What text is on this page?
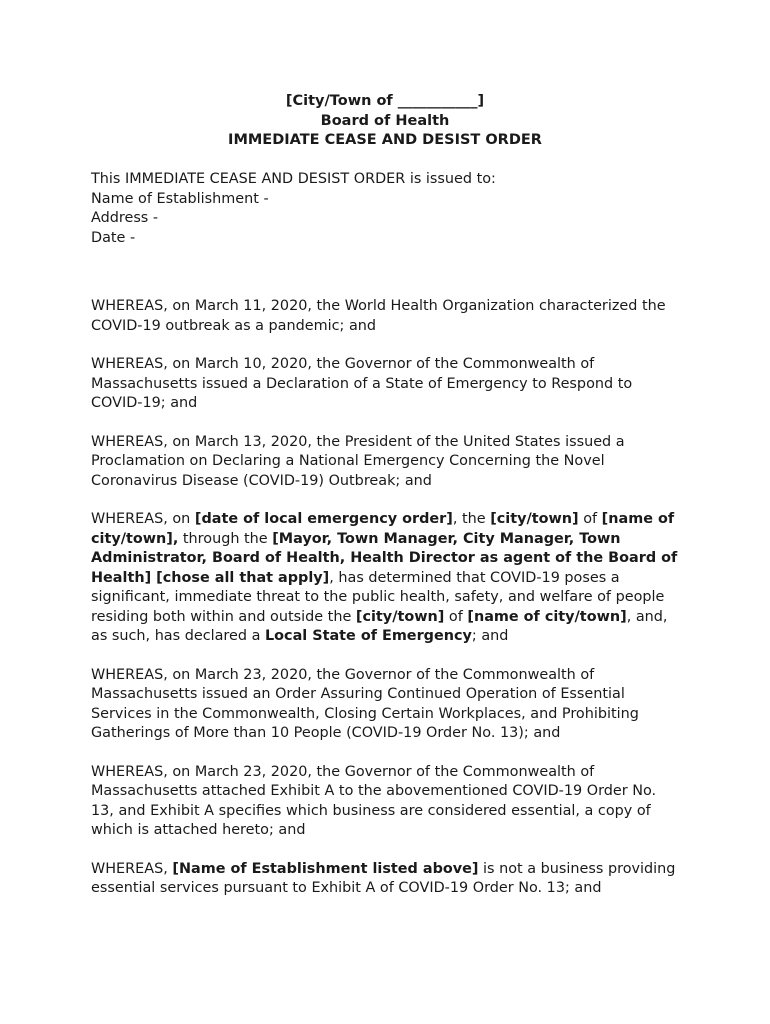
[City/Town of ___________]
Board of Health
IMMEDIATE CEASE AND DESIST ORDER

This IMMEDIATE CEASE AND DESIST ORDER is issued to:

Name of Establishment -

Address -

Date -

WHEREAS, on March 11, 2020, the World Health Organization characterized the COVID-19 outbreak as a pandemic; and

WHEREAS, on March 10, 2020, the Governor of the Commonwealth of Massachusetts issued a Declaration of a State of Emergency to Respond to COVID-19; and

WHEREAS, on March 13, 2020, the President of the United States issued a Proclamation on Declaring a National Emergency Concerning the Novel Coronavirus Disease (COVID-19) Outbreak; and

WHEREAS, on [date of local emergency order], the [city/town] of [name of city/town], through the [Mayor, Town Manager, City Manager, Town Administrator, Board of Health, Health Director as agent of the Board of Health] [chose all that apply], has determined that COVID-19 poses a significant, immediate threat to the public health, safety, and welfare of people residing both within and outside the [city/town] of [name of city/town], and, as such, has declared a Local State of Emergency; and

WHEREAS, on March 23, 2020, the Governor of the Commonwealth of Massachusetts issued an Order Assuring Continued Operation of Essential Services in the Commonwealth, Closing Certain Workplaces, and Prohibiting Gatherings of More than 10 People (COVID-19 Order No. 13); and

WHEREAS, on March 23, 2020, the Governor of the Commonwealth of Massachusetts attached Exhibit A to the abovementioned COVID-19 Order No. 13, and Exhibit A specifies which business are considered essential, a copy of which is attached hereto; and

WHEREAS, [Name of Establishment listed above] is not a business providing essential services pursuant to Exhibit A of COVID-19 Order No. 13; and
